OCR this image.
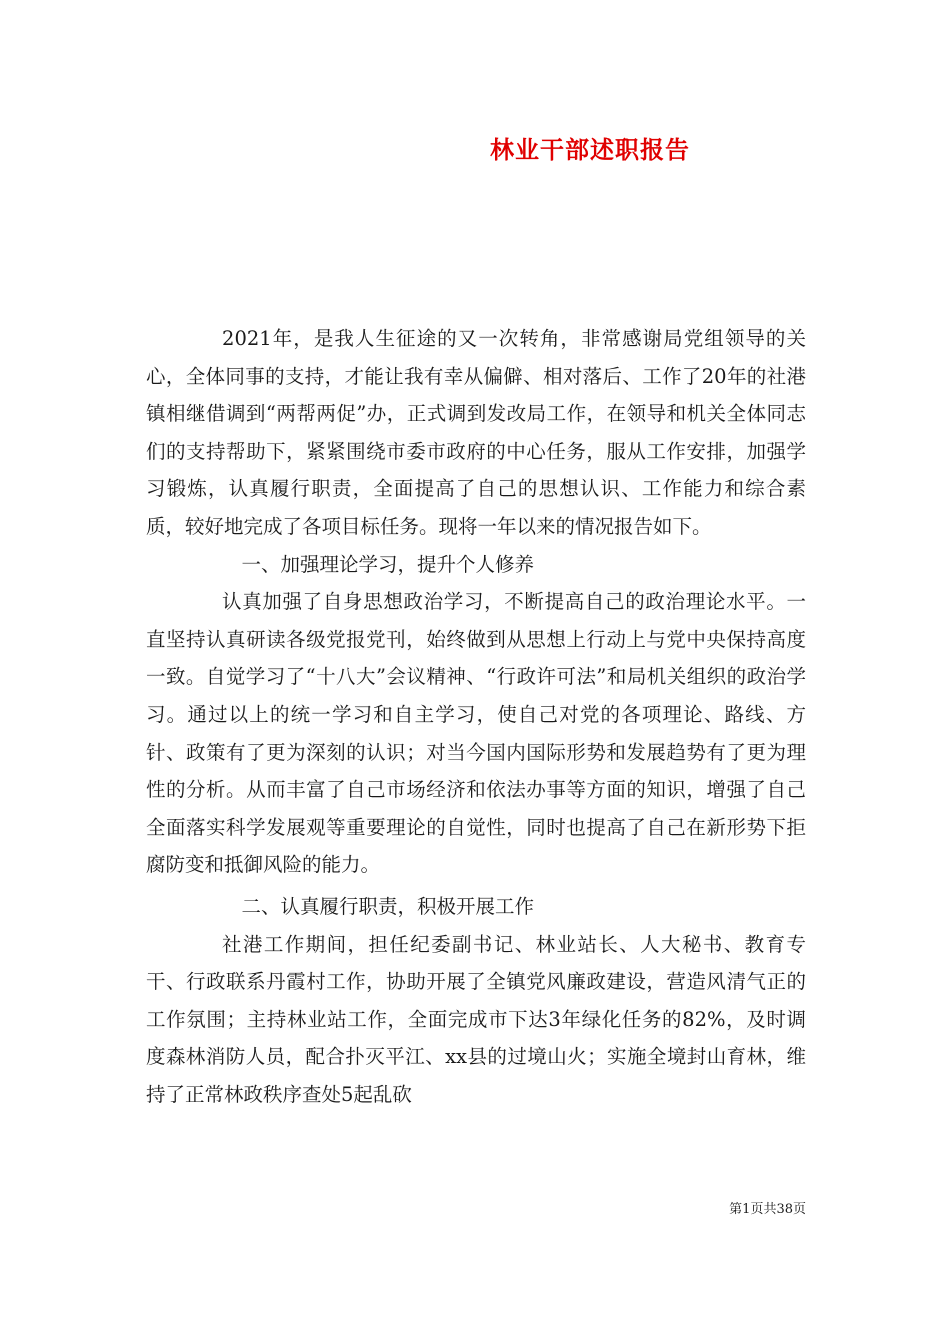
林业干部述职报告

2021年，是我人生征途的又一次转角，非常感谢局党组领导的关心，全体同事的支持，才能让我有幸从偏僻、相对落后、工作了20年的社港镇相继借调到“两帮两促”办，正式调到发改局工作，在领导和机关全体同志们的支持帮助下，紧紧围绕市委市政府的中心任务，服从工作安排，加强学习锻炼，认真履行职责，全面提高了自己的思想认识、工作能力和综合素质，较好地完成了各项目标任务。现将一年以来的情况报告如下。

一、加强理论学习，提升个人修养

认真加强了自身思想政治学习，不断提高自己的政治理论水平。一直坚持认真研读各级党报党刊，始终做到从思想上行动上与党中央保持高度一致。自觉学习了“十八大”会议精神、“行政许可法”和局机关组织的政治学习。通过以上的统一学习和自主学习，使自己对党的各项理论、路线、方针、政策有了更为深刻的认识；对当今国内国际形势和发展趋势有了更为理性的分析。从而丰富了自己市场经济和依法办事等方面的知识，增强了自己全面落实科学发展观等重要理论的自觉性，同时也提高了自己在新形势下拒腐防变和抵御风险的能力。

二、认真履行职责，积极开展工作

社港工作期间，担任纪委副书记、林业站长、人大秘书、教育专干、行政联系丹霞村工作，协助开展了全镇党风廉政建设，营造风清气正的工作氛围；主持林业站工作，全面完成市下达3年绿化任务的82%，及时调度森林消防人员，配合扑灭平江、xx县的过境山火；实施全境封山育林，维持了正常林政秩序查处5起乱砍

第1页共38页
